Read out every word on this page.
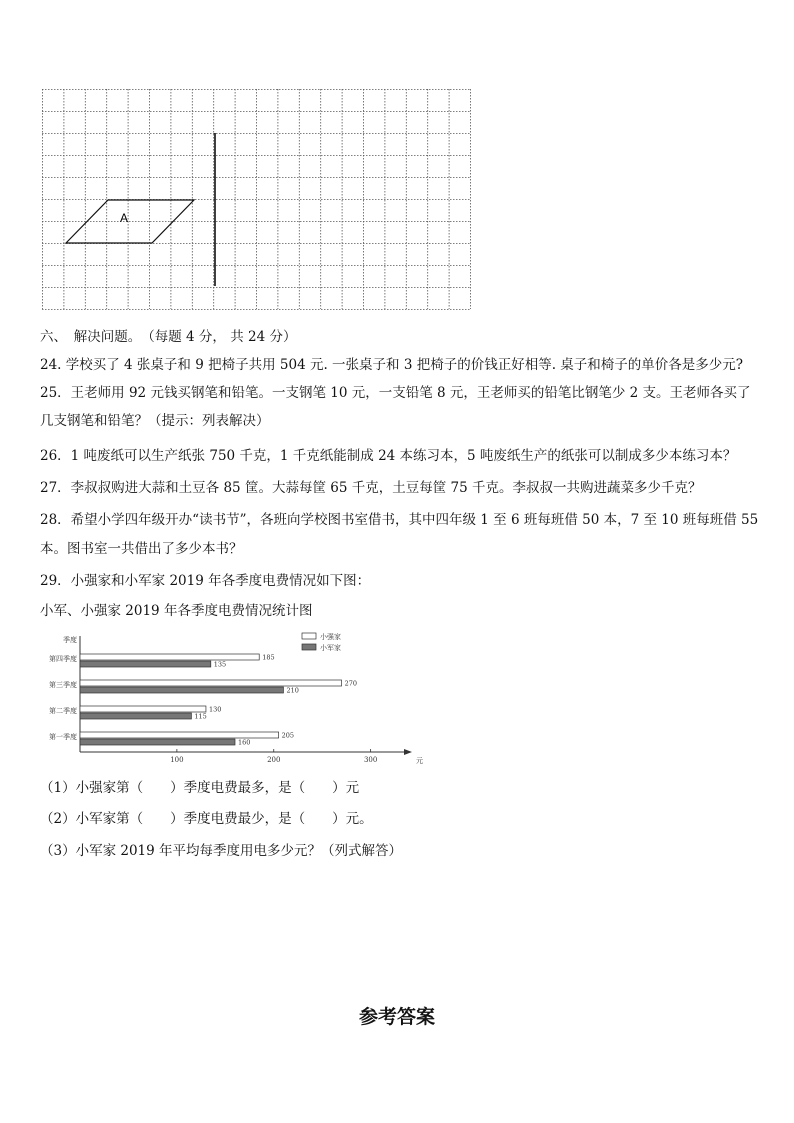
A
六、　解决问题。　（每题 4 分， 共 24 分）
24. 学校买了 4 张桌子和 9 把椅子共用 504 元. 一张桌子和 3 把椅子的价钱正好相等. 桌子和椅子的单价各是多少元?
25．王老师用 92 元钱买钢笔和铅笔。一支钢笔 10 元，一支铅笔 8 元，王老师买的铅笔比钢笔少 2 支。王老师各买了
几支钢笔和铅笔？（提示：列表解决）
26．1 吨废纸可以生产纸张 750 千克，1 千克纸能制成 24 本练习本，5 吨废纸生产的纸张可以制成多少本练习本？
27．李叔叔购进大蒜和土豆各 85 筐。大蒜每筐 65 千克，土豆每筐 75 千克。李叔叔一共购进蔬菜多少千克？
28．希望小学四年级开办“读书节”，各班向学校图书室借书，其中四年级 1 至 6 班每班借 50 本，7 至 10 班每班借 55
本。图书室一共借出了多少本书？
29．小强家和小军家 2019 年各季度电费情况如下图：
小军、小强家 2019 年各季度电费情况统计图
季度
元
100	200	300
第四季度	185
135
第三季度	270
210
第二季度	130
115
第一季度	205
160
小强家
小军家
（1）小强家第（　　）季度电费最多，是（　　）元
（2）小军家第（　　）季度电费最少，是（　　）元。
（3）小军家 2019 年平均每季度用电多少元？（列式解答）
参考答案
